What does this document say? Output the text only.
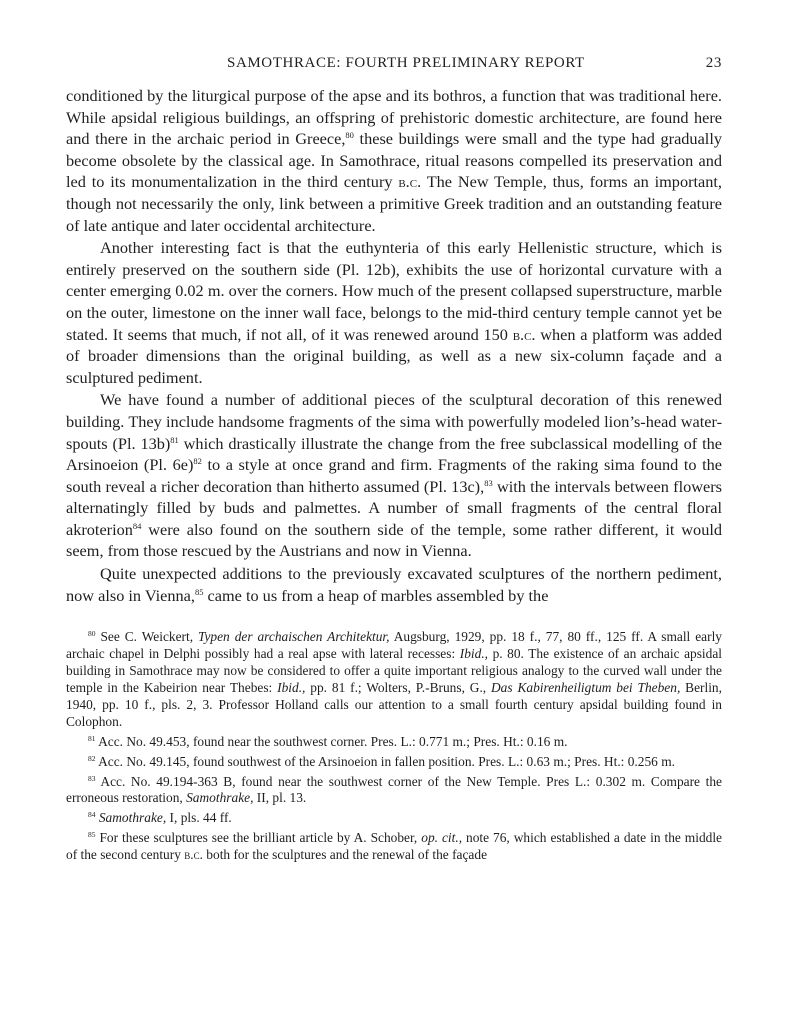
SAMOTHRACE: FOURTH PRELIMINARY REPORT	23

conditioned by the liturgical purpose of the apse and its bothros, a function that was traditional here. While apsidal religious buildings, an offspring of prehistoric domestic architecture, are found here and there in the archaic period in Greece,$^{80}$ these buildings were small and the type had gradually become obsolete by the classical age. In Samothrace, ritual reasons compelled its preservation and led to its monumentalization in the third century b.c. The New Temple, thus, forms an important, though not necessarily the only, link between a primitive Greek tradition and an outstanding feature of late antique and later occidental architecture.

Another interesting fact is that the euthynteria of this early Hellenistic structure, which is entirely preserved on the southern side (Pl. 12b), exhibits the use of horizontal curvature with a center emerging 0.02 m. over the corners. How much of the present collapsed superstructure, marble on the outer, limestone on the inner wall face, belongs to the mid-third century temple cannot yet be stated. It seems that much, if not all, of it was renewed around 150 b.c. when a platform was added of broader dimensions than the original building, as well as a new six-column façade and a sculptured pediment.

We have found a number of additional pieces of the sculptural decoration of this renewed building. They include handsome fragments of the sima with powerfully modeled lion’s-head water-spouts (Pl. 13b)$^{81}$ which drastically illustrate the change from the free subclassical modelling of the Arsinoeion (Pl. 6e)$^{82}$ to a style at once grand and firm. Fragments of the raking sima found to the south reveal a richer decoration than hitherto assumed (Pl. 13c),$^{83}$ with the intervals between flowers alternatingly filled by buds and palmettes. A number of small fragments of the central floral akroterion$^{84}$ were also found on the southern side of the temple, some rather different, it would seem, from those rescued by the Austrians and now in Vienna.

Quite unexpected additions to the previously excavated sculptures of the northern pediment, now also in Vienna,$^{85}$ came to us from a heap of marbles assembled by the

$^{80}$ See C. Weickert, Typen der archaischen Architektur, Augsburg, 1929, pp. 18 f., 77, 80 ff., 125 ff. A small early archaic chapel in Delphi possibly had a real apse with lateral recesses: Ibid., p. 80. The existence of an archaic apsidal building in Samothrace may now be considered to offer a quite important religious analogy to the curved wall under the temple in the Kabeirion near Thebes: Ibid., pp. 81 f.; Wolters, P.-Bruns, G., Das Kabirenheiligtum bei Theben, Berlin, 1940, pp. 10 f., pls. 2, 3. Professor Holland calls our attention to a small fourth century apsidal building found in Colophon.

$^{81}$ Acc. No. 49.453, found near the southwest corner. Pres. L.: 0.771 m.; Pres. Ht.: 0.16 m.

$^{82}$ Acc. No. 49.145, found southwest of the Arsinoeion in fallen position. Pres. L.: 0.63 m.; Pres. Ht.: 0.256 m.

$^{83}$ Acc. No. 49.194-363 B, found near the southwest corner of the New Temple. Pres L.: 0.302 m. Compare the erroneous restoration, Samothrake, II, pl. 13.

$^{84}$ Samothrake, I, pls. 44 ff.

$^{85}$ For these sculptures see the brilliant article by A. Schober, op. cit., note 76, which established a date in the middle of the second century b.c. both for the sculptures and the renewal of the façade
